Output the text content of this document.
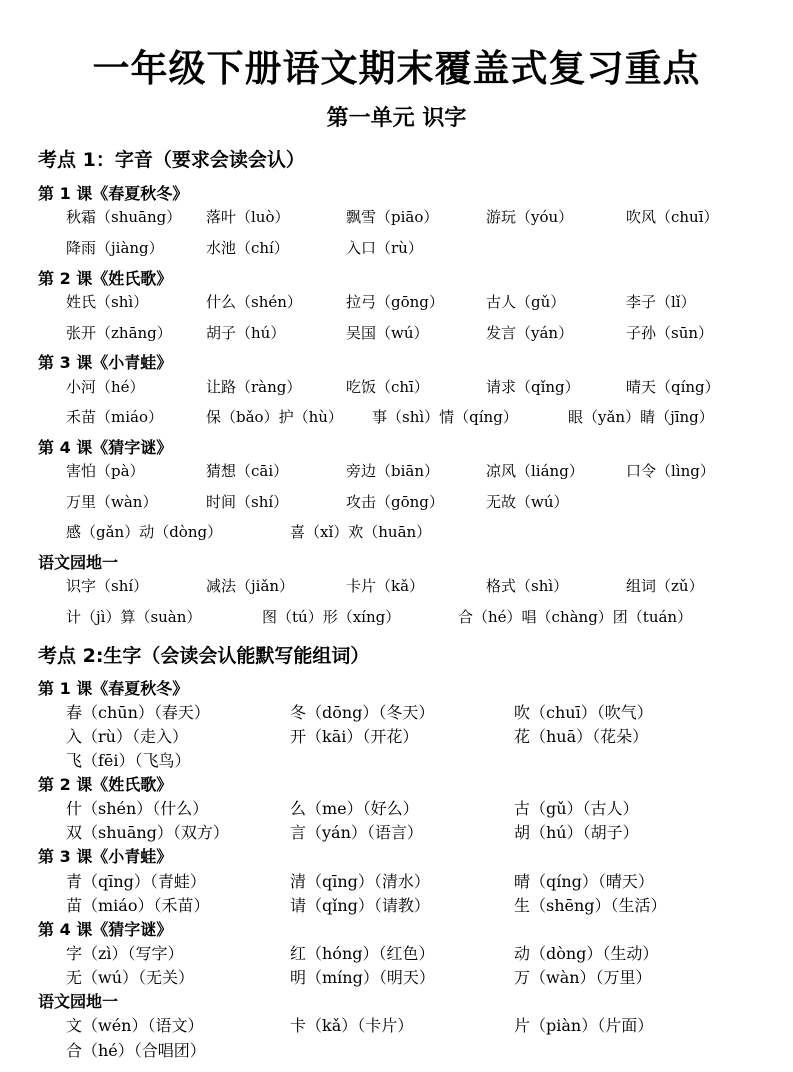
一年级下册语文期末覆盖式复习重点
第一单元 识字
考点 1：字音（要求会读会认）
第 1 课《春夏秋冬》
秋霜（shuāng） 落叶（luò）	飘雪（piāo）	游玩（yóu）	吹风（chuī）
降雨（jiàng）	水池（chí）	入口（rù）
第 2 课《姓氏歌》
姓氏（shì）	什么（shén）	拉弓（gōng）	古人（gǔ）	李子（lǐ）
张开（zhāng） 胡子（hú）	吴国（wú）	发言（yán）	子孙（sūn）
第 3 课《小青蛙》
小河（hé）	让路（ràng）	吃饭（chī）	请求（qǐng）	晴天（qíng）
禾苗（miáo）	保（bǎo）护（hù） 事（shì）情（qíng）	眼（yǎn）睛（jīng）
第 4 课《猜字谜》
害怕（pà）	猜想（cāi）	旁边（biān）	凉风（liáng）	口令（lìng）
万里（wàn）	时间（shí）	攻击（gōng）	无故（wú）
感（gǎn）动（dòng）	喜（xǐ）欢（huān）
语文园地一
识字（shí）	减法（jiǎn）	卡片（kǎ）	格式（shì）	组词（zǔ）
计（jì）算（suàn）	图（tú）形（xíng）	合（hé）唱（chàng）团（tuán）
考点 2:生字（会读会认能默写能组词）
第 1 课《春夏秋冬》
春（chūn）（春天）	冬（dōng）（冬天）	吹（chuī）（吹气）
入（rù）（走入）	开（kāi）（开花）	花（huā）（花朵）
飞（fēi）（飞鸟）
第 2 课《姓氏歌》
什（shén）（什么）	么（me）（好么）	古（gǔ）（古人）
双（shuāng）（双方）	言（yán）（语言）	胡（hú）（胡子）
第 3 课《小青蛙》
青（qīng）（青蛙）	清（qīng）（清水）	晴（qíng）（晴天）
苗（miáo）（禾苗）	请（qǐng）（请教）	生（shēng）（生活）
第 4 课《猜字谜》
字（zì）（写字）	红（hóng）（红色）	动（dòng）（生动）
无（wú）（无关）	明（míng）（明天）	万（wàn）（万里）
语文园地一
文（wén）（语文）	卡（kǎ）（卡片）	片（piàn）（片面）
合（hé）（合唱团）
